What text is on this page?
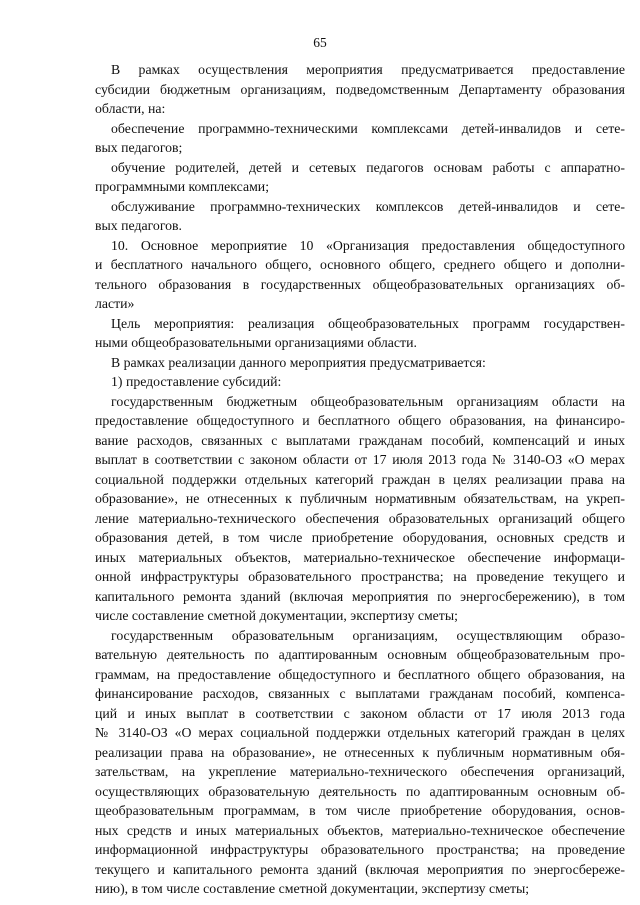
65
В рамках осуществления мероприятия предусматривается предоставление
субсидии бюджетным организациям, подведомственным Департаменту образования
области, на:
обеспечение программно-техническими комплексами детей-инвалидов и сете-
вых педагогов;
обучение родителей, детей и сетевых педагогов основам работы с аппаратно-
программными комплексами;
обслуживание программно-технических комплексов детей-инвалидов и сете-
вых педагогов.
10. Основное мероприятие 10 «Организация предоставления общедоступного
и бесплатного начального общего, основного общего, среднего общего и дополни-
тельного образования в государственных общеобразовательных организациях об-
ласти»
Цель мероприятия: реализация общеобразовательных программ государствен-
ными общеобразовательными организациями области.
В рамках реализации данного мероприятия предусматривается:
1) предоставление субсидий:
государственным бюджетным общеобразовательным организациям области на
предоставление общедоступного и бесплатного общего образования, на финансиро-
вание расходов, связанных с выплатами гражданам пособий, компенсаций и иных
выплат в соответствии с законом области от 17 июля 2013 года № 3140-ОЗ «О мерах
социальной поддержки отдельных категорий граждан в целях реализации права на
образование», не отнесенных к публичным нормативным обязательствам, на укреп-
ление материально-технического обеспечения образовательных организаций общего
образования детей, в том числе приобретение оборудования, основных средств и
иных материальных объектов, материально-техническое обеспечение информаци-
онной инфраструктуры образовательного пространства; на проведение текущего и
капитального ремонта зданий (включая мероприятия по энергосбережению), в том
числе составление сметной документации, экспертизу сметы;
государственным образовательным организациям, осуществляющим образо-
вательную деятельность по адаптированным основным общеобразовательным про-
граммам, на предоставление общедоступного и бесплатного общего образования, на
финансирование расходов, связанных с выплатами гражданам пособий, компенса-
ций и иных выплат в соответствии с законом области от 17 июля 2013 года
№ 3140-ОЗ «О мерах социальной поддержки отдельных категорий граждан в целях
реализации права на образование», не отнесенных к публичным нормативным обя-
зательствам, на укрепление материально-технического обеспечения организаций,
осуществляющих образовательную деятельность по адаптированным основным об-
щеобразовательным программам, в том числе приобретение оборудования, основ-
ных средств и иных материальных объектов, материально-техническое обеспечение
информационной инфраструктуры образовательного пространства; на проведение
текущего и капитального ремонта зданий (включая мероприятия по энергосбереже-
нию), в том числе составление сметной документации, экспертизу сметы;
